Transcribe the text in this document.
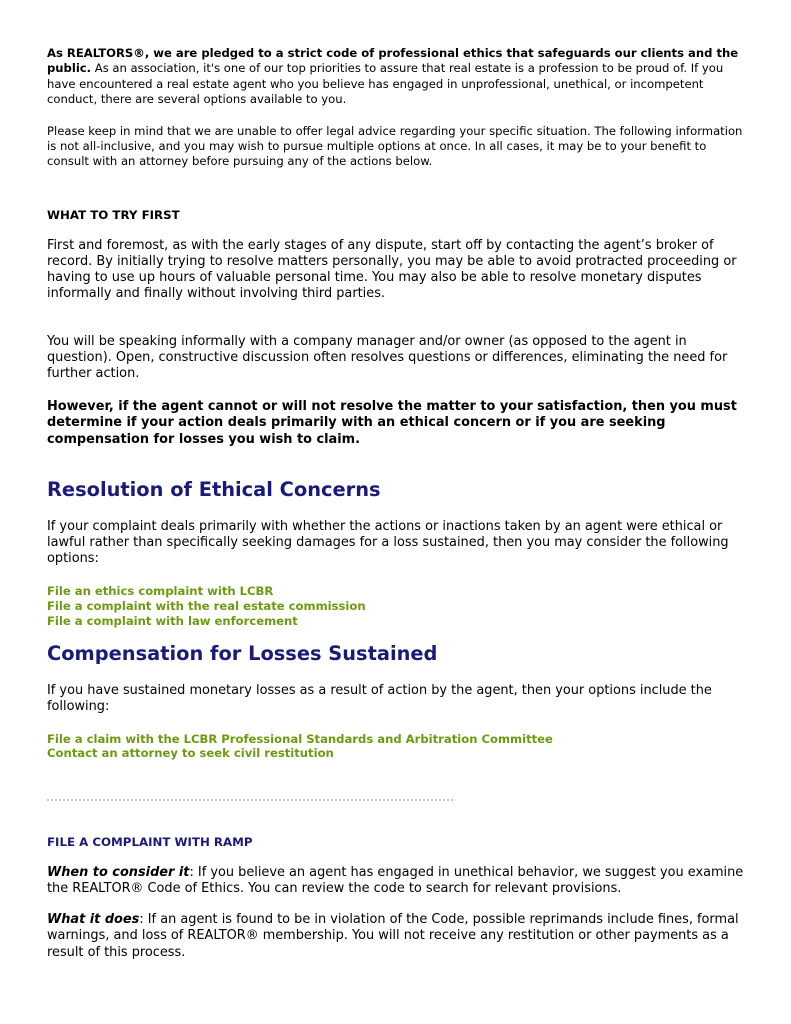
As REALTORS®, we are pledged to a strict code of professional ethics that safeguards our clients and the public. As an association, it's one of our top priorities to assure that real estate is a profession to be proud of. If you have encountered a real estate agent who you believe has engaged in unprofessional, unethical, or incompetent conduct, there are several options available to you.

Please keep in mind that we are unable to offer legal advice regarding your specific situation. The following information is not all-inclusive, and you may wish to pursue multiple options at once. In all cases, it may be to your benefit to consult with an attorney before pursuing any of the actions below.

WHAT TO TRY FIRST

First and foremost, as with the early stages of any dispute, start off by contacting the agent’s broker of record. By initially trying to resolve matters personally, you may be able to avoid protracted proceeding or having to use up hours of valuable personal time. You may also be able to resolve monetary disputes informally and finally without involving third parties.

You will be speaking informally with a company manager and/or owner (as opposed to the agent in question). Open, constructive discussion often resolves questions or differences, eliminating the need for further action.

However, if the agent cannot or will not resolve the matter to your satisfaction, then you must determine if your action deals primarily with an ethical concern or if you are seeking compensation for losses you wish to claim.

Resolution of Ethical Concerns

If your complaint deals primarily with whether the actions or inactions taken by an agent were ethical or lawful rather than specifically seeking damages for a loss sustained, then you may consider the following options:

File an ethics complaint with LCBR
File a complaint with the real estate commission
File a complaint with law enforcement
Compensation for Losses Sustained

If you have sustained monetary losses as a result of action by the agent, then your options include the following:

File a claim with the LCBR Professional Standards and Arbitration Committee
Contact an attorney to seek civil restitution

FILE A COMPLAINT WITH RAMP

When to consider it: If you believe an agent has engaged in unethical behavior, we suggest you examine the REALTOR® Code of Ethics. You can review the code to search for relevant provisions.

What it does: If an agent is found to be in violation of the Code, possible reprimands include fines, formal warnings, and loss of REALTOR® membership. You will not receive any restitution or other payments as a result of this process.
